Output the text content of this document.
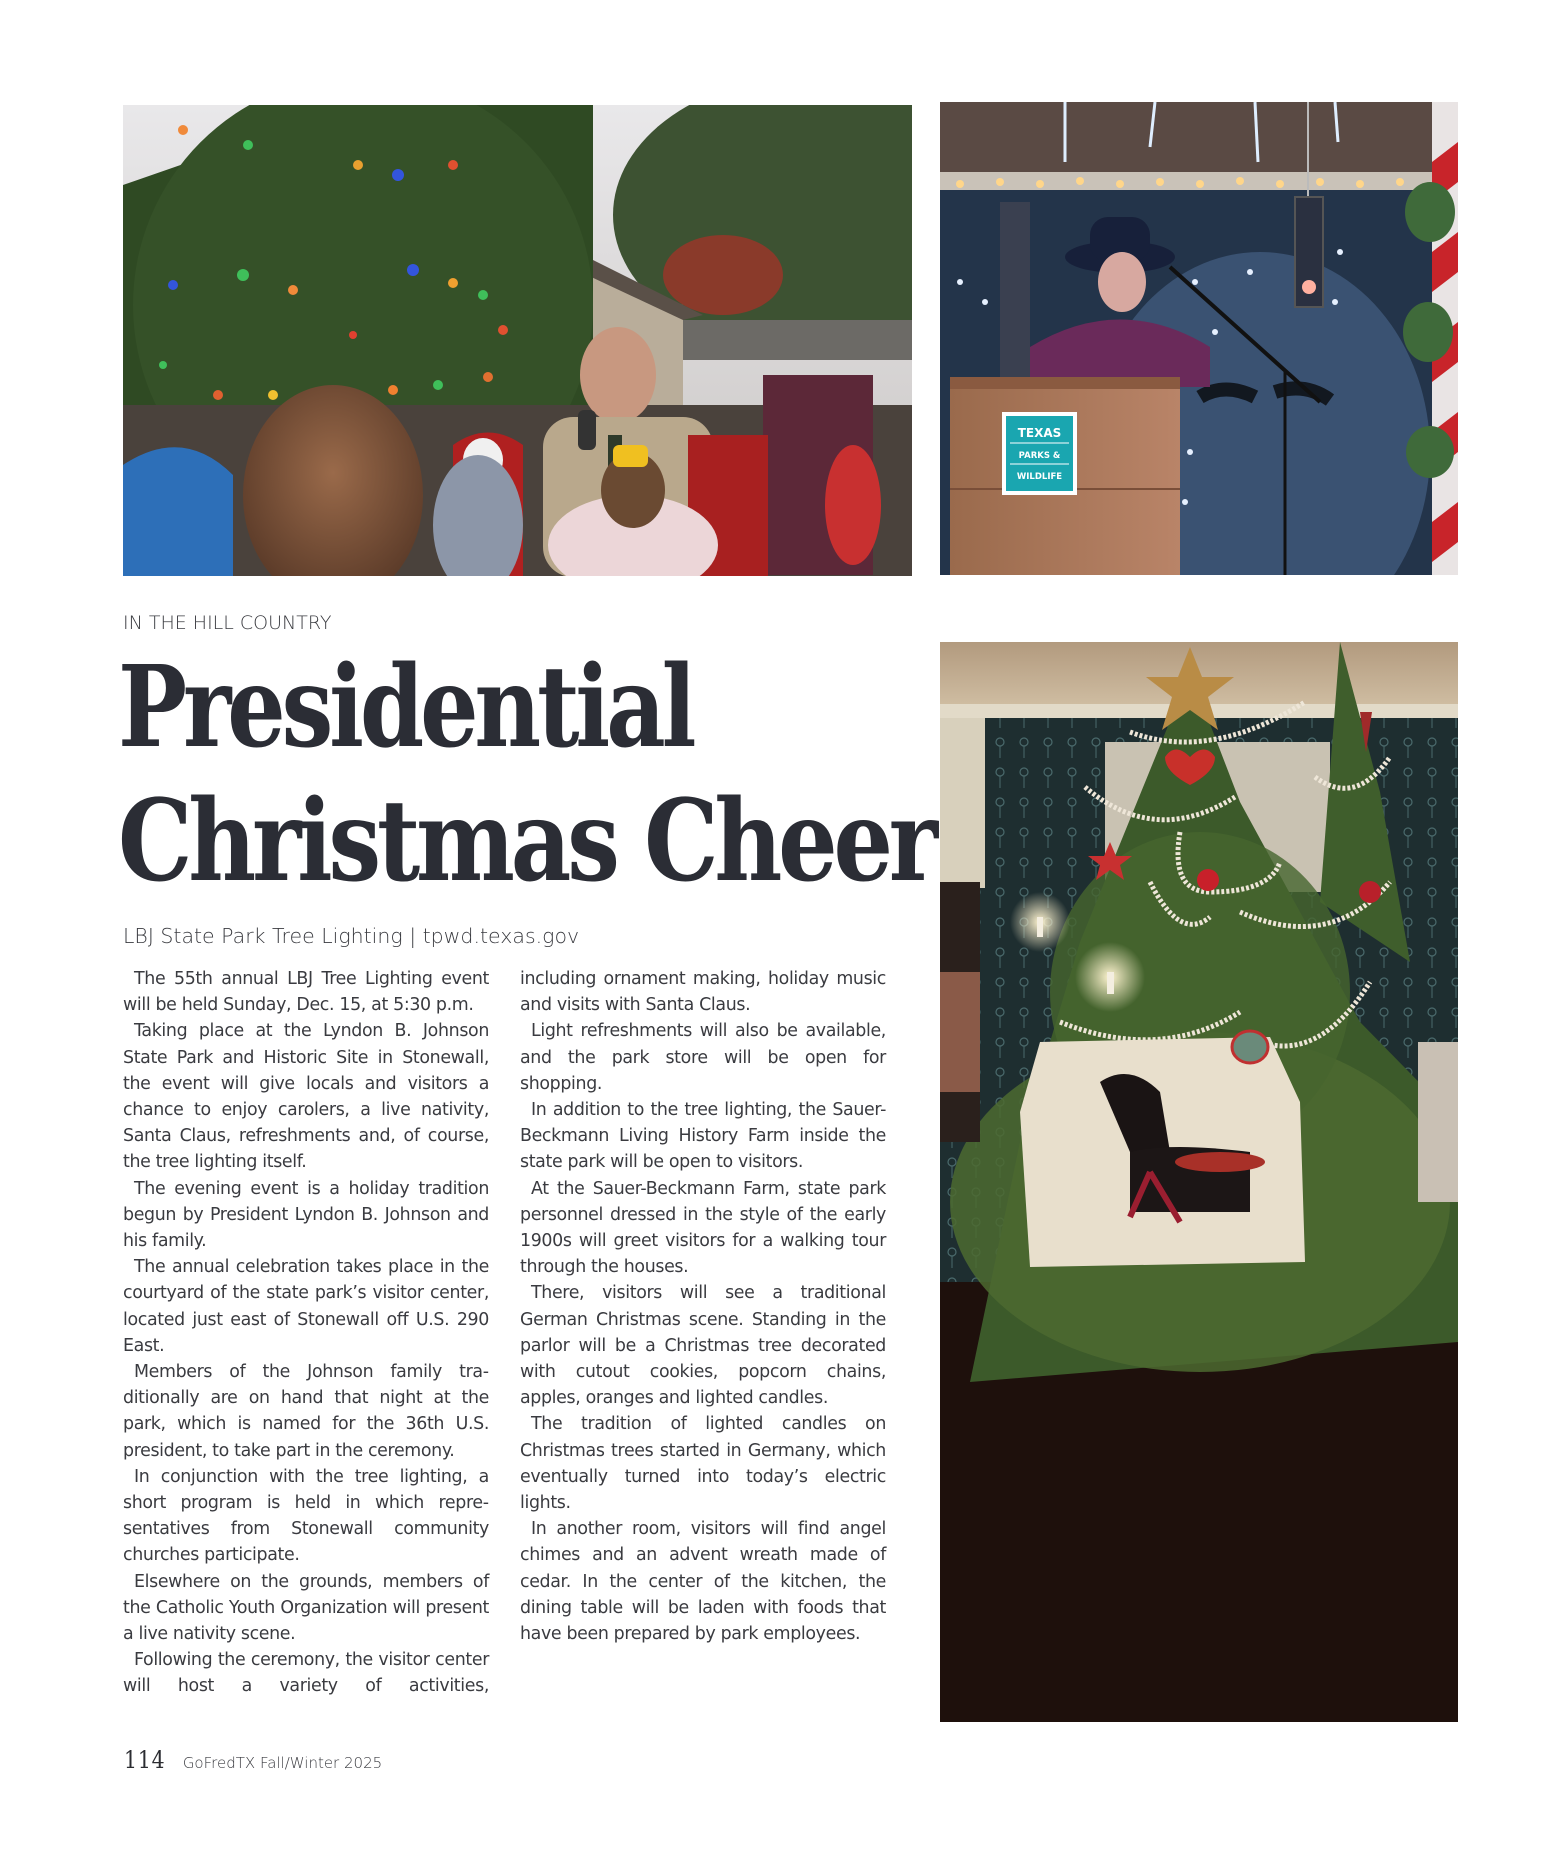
TEXAS
PARKS &
WILDLIFE
IN THE HILL COUNTRY
Presidential
Christmas Cheer
LBJ State Park Tree Lighting | tpwd.texas.gov

The 55th annual LBJ Tree Lighting event will be held Sunday, Dec. 15, at 5:30 p.m.

Taking place at the Lyndon B. Johnson State Park and Historic Site in Stonewall, the event will give locals and visitors a chance to enjoy carolers, a live nativity, Santa Claus, refreshments and, of course, the tree lighting itself.

The evening event is a holiday tradition begun by President Lyndon B. Johnson and his family.

The annual celebration takes place in the courtyard of the state park’s visitor center, located just east of Stonewall off U.S. 290 East.

Members of the Johnson family traditionally are on hand that night at the park, which is named for the 36th U.S. president, to take part in the ceremony.

In conjunction with the tree lighting, a short program is held in which representatives from Stonewall community churches participate.

Elsewhere on the grounds, members of the Catholic Youth Organization will present a live nativity scene.

Following the ceremony, the visitor center will host a variety of activities,

including ornament making, holiday music and visits with Santa Claus.

Light refreshments will also be available, and the park store will be open for shopping.

In addition to the tree lighting, the Sauer-Beckmann Living History Farm inside the state park will be open to visitors.

At the Sauer-Beckmann Farm, state park personnel dressed in the style of the early 1900s will greet visitors for a walking tour through the houses.

There, visitors will see a traditional German Christmas scene. Standing in the parlor will be a Christmas tree decorated with cutout cookies, popcorn chains, apples, oranges and lighted candles.

The tradition of lighted candles on Christmas trees started in Germany, which eventually turned into today’s electric lights.

In another room, visitors will find angel chimes and an advent wreath made of cedar. In the center of the kitchen, the dining table will be laden with foods that have been prepared by park employees.

114 GoFredTX Fall/Winter 2025
